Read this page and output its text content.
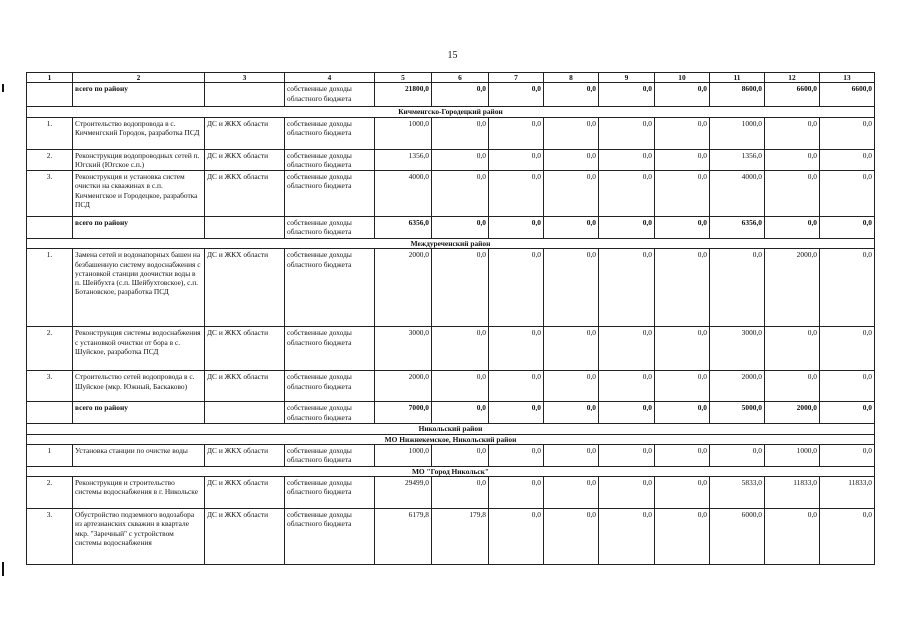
15
1	2	3	4	5	6	7	8	9	10	11	12	13
	всего по району		собственные доходы областного бюджета	21800,0	0,0	0,0	0,0	0,0	0,0	8600,0	6600,0	6600,0
Кичменгско-Городецкий район												
1.	Строительство водопровода в с. Кичменгский Городок, разработка ПСД	ДС и ЖКХ области	собственные доходы областного бюджета	1000,0	0,0	0,0	0,0	0,0	0,0	1000,0	0,0	0,0
2.	Реконструкция водопроводных сетей п. Югский (Югское с.п.)	ДС и ЖКХ области	собственные доходы областного бюджета	1356,0	0,0	0,0	0,0	0,0	0,0	1356,0	0,0	0,0
3.	Реконструкция и установка систем очистки на скважинах в с.п. Кичменгское и Городецкое, разработка ПСД	ДС и ЖКХ области	собственные доходы областного бюджета	4000,0	0,0	0,0	0,0	0,0	0,0	4000,0	0,0	0,0
	всего по району		собственные доходы областного бюджета	6356,0	0,0	0,0	0,0	0,0	0,0	6356,0	0,0	0,0
Междуреченский район												
1.	Замена сетей и водонапорных башен на безбашенную систему водоснабжения с установкой станции доочистки воды в п. Шейбухта (с.п. Шейбухтовское), с.п. Ботановское, разработка ПСД	ДС и ЖКХ области	собственные доходы областного бюджета	2000,0	0,0	0,0	0,0	0,0	0,0	0,0	2000,0	0,0
2.	Реконструкция системы водоснабжения с установкой очистки от бора в с. Шуйское, разработка ПСД	ДС и ЖКХ области	собственные доходы областного бюджета	3000,0	0,0	0,0	0,0	0,0	0,0	3000,0	0,0	0,0
3.	Строительство сетей водопровода в с. Шуйское (мкр. Южный, Баскаково)	ДС и ЖКХ области	собственные доходы областного бюджета	2000,0	0,0	0,0	0,0	0,0	0,0	2000,0	0,0	0,0
	всего по району		собственные доходы областного бюджета	7000,0	0,0	0,0	0,0	0,0	0,0	5000,0	2000,0	0,0
Никольский район												
МО Нижнекемское, Никольский район												
1	Установка станции по очистке воды	ДС и ЖКХ области	собственные доходы областного бюджета	1000,0	0,0	0,0	0,0	0,0	0,0	0,0	1000,0	0,0
МО "Город Никольск"												
2.	Реконструкция и строительство системы водоснабжения в г. Никольске	ДС и ЖКХ области	собственные доходы областного бюджета	29499,0	0,0	0,0	0,0	0,0	0,0	5833,0	11833,0	11833,0
3.	Обустройство подземного водозабора из артезианских скважин в квартале мкр. "Заречный" с устройством системы водоснабжения	ДС и ЖКХ области	собственные доходы областного бюджета	6179,8	179,8	0,0	0,0	0,0	0,0	6000,0	0,0	0,0
